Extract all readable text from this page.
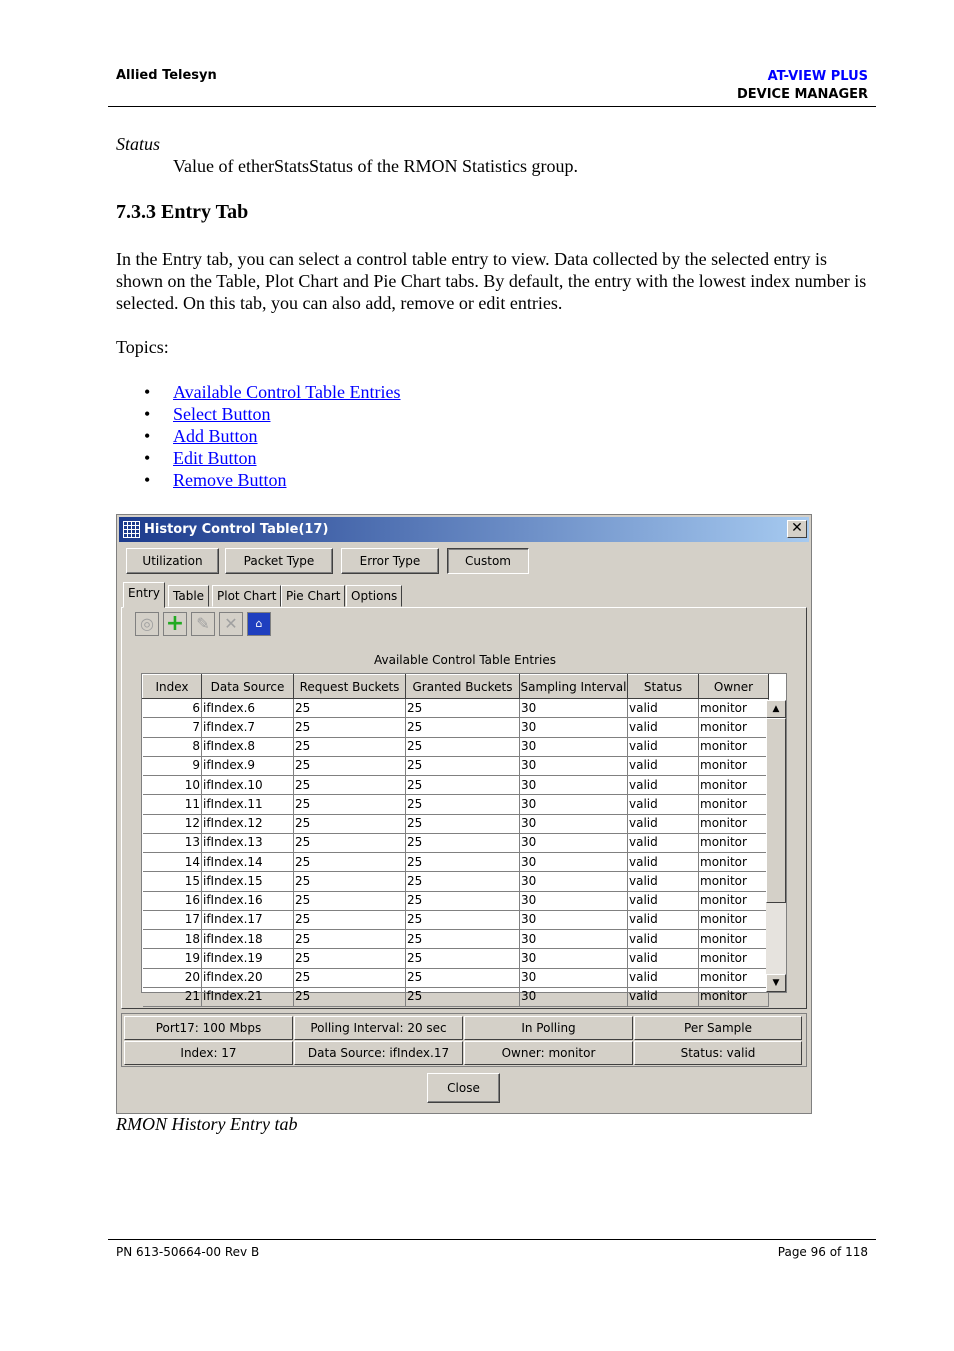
Allied Telesyn	AT-VIEW PLUS
DEVICE MANAGER
Status
Value of etherStatsStatus of the RMON Statistics group.
7.3.3 Entry Tab
In the Entry tab, you can select a control table entry to view. Data collected by the selected entry is shown on the Table, Plot Chart and Pie Chart tabs. By default, the entry with the lowest index number is selected. On this tab, you can also add, remove or edit entries.
Topics:
• Available Control Table Entries
• Select Button
• Add Button
• Edit Button
• Remove Button
History Control Table(17)	✕
Utilization	Packet Type	Error Type	Custom
Entry	Table	Plot Chart Pie Chart Options
◎ + ✎ ✕	⌂
Available Control Table Entries
Index	Data Source	Request Buckets	Granted Buckets	Sampling Interval	Status	Owner
6	ifIndex.6	25	25	30	valid	monitor
7	ifIndex.7	25	25	30	valid	monitor
8	ifIndex.8	25	25	30	valid	monitor
9	ifIndex.9	25	25	30	valid	monitor
10	ifIndex.10	25	25	30	valid	monitor
11	ifIndex.11	25	25	30	valid	monitor
12	ifIndex.12	25	25	30	valid	monitor
13	ifIndex.13	25	25	30	valid	monitor
14	ifIndex.14	25	25	30	valid	monitor
15	ifIndex.15	25	25	30	valid	monitor
16	ifIndex.16	25	25	30	valid	monitor
17	ifIndex.17	25	25	30	valid	monitor
18	ifIndex.18	25	25	30	valid	monitor
19	ifIndex.19	25	25	30	valid	monitor
20	ifIndex.20	25	25	30	valid	monitor
21	ifIndex.21	25	25	30	valid	monitor
▲
▼
Port17: 100 Mbps	Polling Interval: 20 sec	In Polling	Per Sample
Index: 17	Data Source: ifIndex.17	Owner: monitor	Status: valid
Close
RMON History Entry tab
PN 613-50664-00 Rev B	Page 96 of 118
